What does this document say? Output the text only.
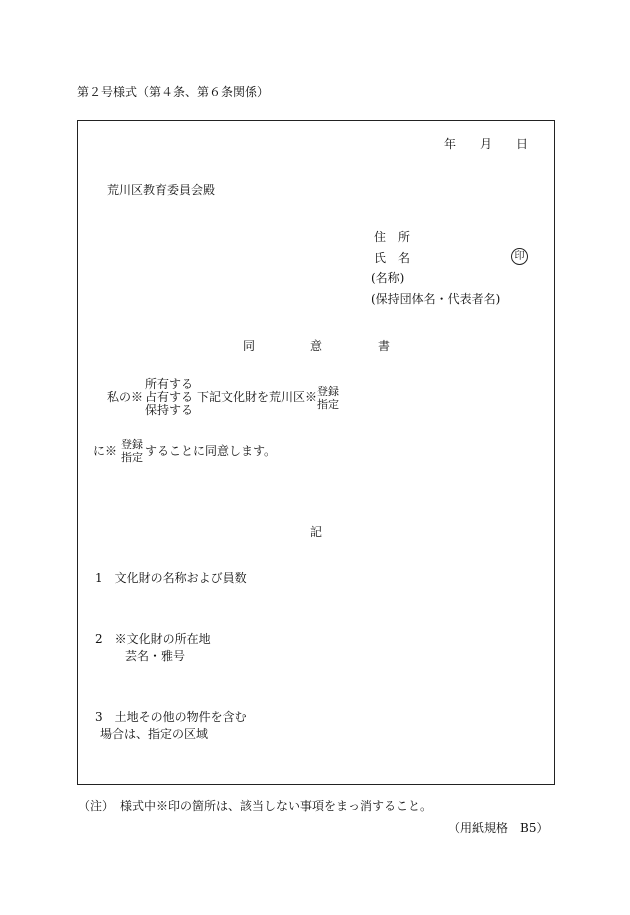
第２号様式（第４条、第６条関係）
年 月 日
荒川区教育委員会殿
住　所
氏　名	印
(名称)
(保持団体名・代表者名)
同	意	書
私の※
所有する
占有する
保持する
下記文化財を荒川区※ 登録
指定
に※ 登録
指定 することに同意します。
記
1　文化財の名称および員数
2　※文化財の所在地
芸名・雅号
3　土地その他の物件を含む
場合は、指定の区域
（注）　様式中※印の箇所は、該当しない事項をまっ消すること。
（用紙規格　B5）
